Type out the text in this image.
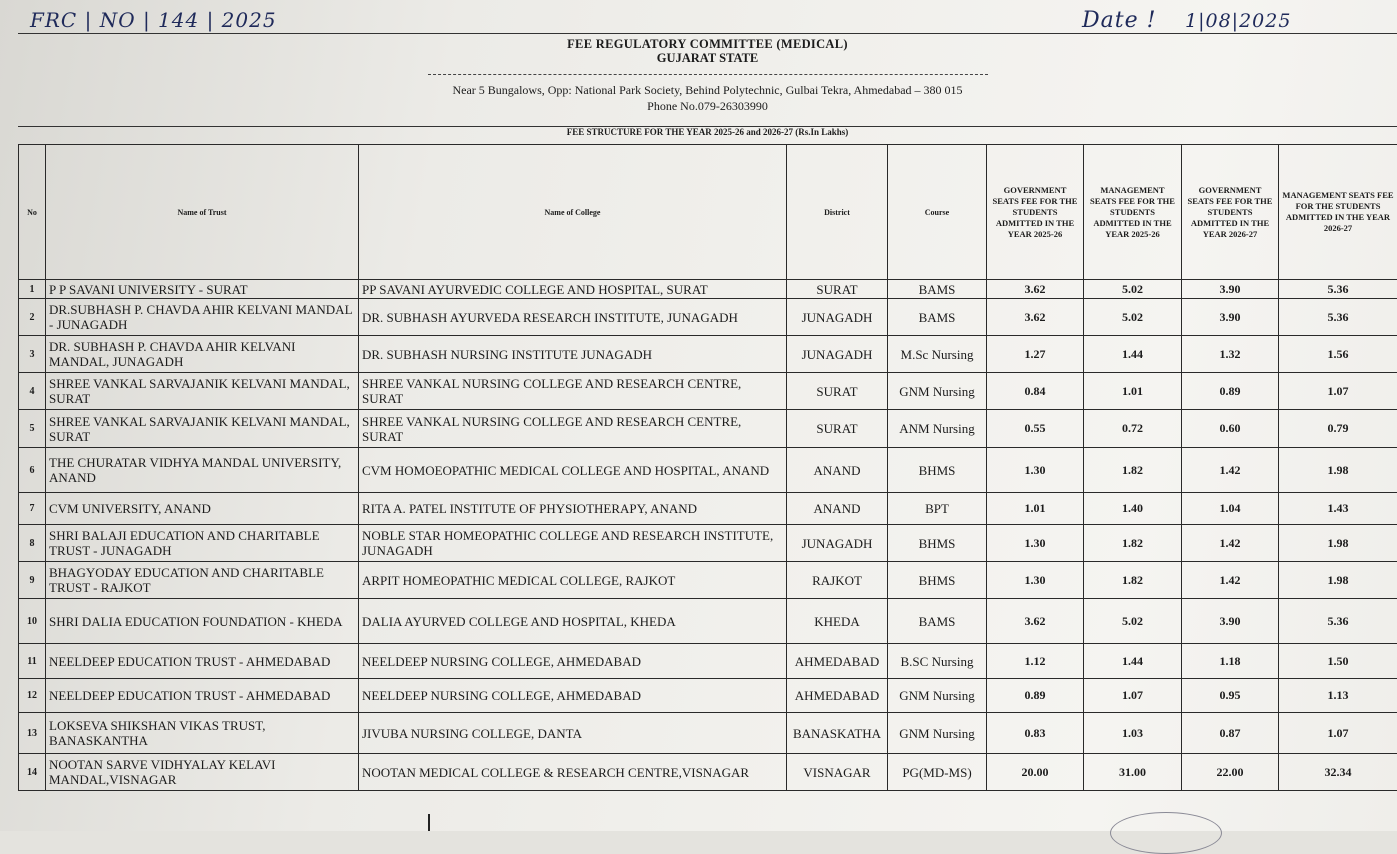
FRC | NO | 144 | 2025	Date ! 1|08|2025
FEE REGULATORY COMMITTEE (MEDICAL)
GUJARAT STATE
Near 5 Bungalows, Opp: National Park Society, Behind Polytechnic, Gulbai Tekra, Ahmedabad – 380 015
Phone No.079-26303990
FEE STRUCTURE FOR THE YEAR 2025-26 and 2026-27 (Rs.In Lakhs)
No	Name of Trust	Name of College	District	Course	GOVERNMENT SEATS FEE FOR THE STUDENTS ADMITTED IN THE YEAR 2025-26	MANAGEMENT SEATS FEE FOR THE STUDENTS ADMITTED IN THE YEAR 2025-26	GOVERNMENT SEATS FEE FOR THE STUDENTS ADMITTED IN THE YEAR 2026-27	MANAGEMENT SEATS FEE FOR THE STUDENTS ADMITTED IN THE YEAR 2026-27
1	P P SAVANI UNIVERSITY - SURAT	PP SAVANI AYURVEDIC COLLEGE AND HOSPITAL, SURAT	SURAT	BAMS	3.62	5.02	3.90	5.36
2	DR.SUBHASH P. CHAVDA AHIR KELVANI MANDAL - JUNAGADH	DR. SUBHASH AYURVEDA RESEARCH INSTITUTE, JUNAGADH	JUNAGADH	BAMS	3.62	5.02	3.90	5.36
3	DR. SUBHASH P. CHAVDA AHIR KELVANI MANDAL, JUNAGADH	DR. SUBHASH NURSING INSTITUTE JUNAGADH	JUNAGADH	M.Sc Nursing	1.27	1.44	1.32	1.56
4	SHREE VANKAL SARVAJANIK KELVANI MANDAL, SURAT	SHREE VANKAL NURSING COLLEGE AND RESEARCH CENTRE, SURAT	SURAT	GNM Nursing	0.84	1.01	0.89	1.07
5	SHREE VANKAL SARVAJANIK KELVANI MANDAL, SURAT	SHREE VANKAL NURSING COLLEGE AND RESEARCH CENTRE, SURAT	SURAT	ANM Nursing	0.55	0.72	0.60	0.79
6	THE CHURATAR VIDHYA MANDAL UNIVERSITY, ANAND	CVM HOMOEOPATHIC MEDICAL COLLEGE AND HOSPITAL, ANAND	ANAND	BHMS	1.30	1.82	1.42	1.98
7	CVM UNIVERSITY, ANAND	RITA A. PATEL INSTITUTE OF PHYSIOTHERAPY, ANAND	ANAND	BPT	1.01	1.40	1.04	1.43
8	SHRI BALAJI EDUCATION AND CHARITABLE TRUST - JUNAGADH	NOBLE STAR HOMEOPATHIC COLLEGE AND RESEARCH INSTITUTE, JUNAGADH	JUNAGADH	BHMS	1.30	1.82	1.42	1.98
9	BHAGYODAY EDUCATION AND CHARITABLE TRUST - RAJKOT	ARPIT HOMEOPATHIC MEDICAL COLLEGE, RAJKOT	RAJKOT	BHMS	1.30	1.82	1.42	1.98
10	SHRI DALIA EDUCATION FOUNDATION - KHEDA	DALIA AYURVED COLLEGE AND HOSPITAL, KHEDA	KHEDA	BAMS	3.62	5.02	3.90	5.36
11	NEELDEEP EDUCATION TRUST - AHMEDABAD	NEELDEEP NURSING COLLEGE, AHMEDABAD	AHMEDABAD	B.SC Nursing	1.12	1.44	1.18	1.50
12	NEELDEEP EDUCATION TRUST - AHMEDABAD	NEELDEEP NURSING COLLEGE, AHMEDABAD	AHMEDABAD	GNM Nursing	0.89	1.07	0.95	1.13
13	LOKSEVA SHIKSHAN VIKAS TRUST, BANASKANTHA	JIVUBA NURSING COLLEGE, DANTA	BANASKATHA	GNM Nursing	0.83	1.03	0.87	1.07
14	NOOTAN SARVE VIDHYALAY KELAVI MANDAL,VISNAGAR	NOOTAN MEDICAL COLLEGE & RESEARCH CENTRE,VISNAGAR	VISNAGAR	PG(MD-MS)	20.00	31.00	22.00	32.34
